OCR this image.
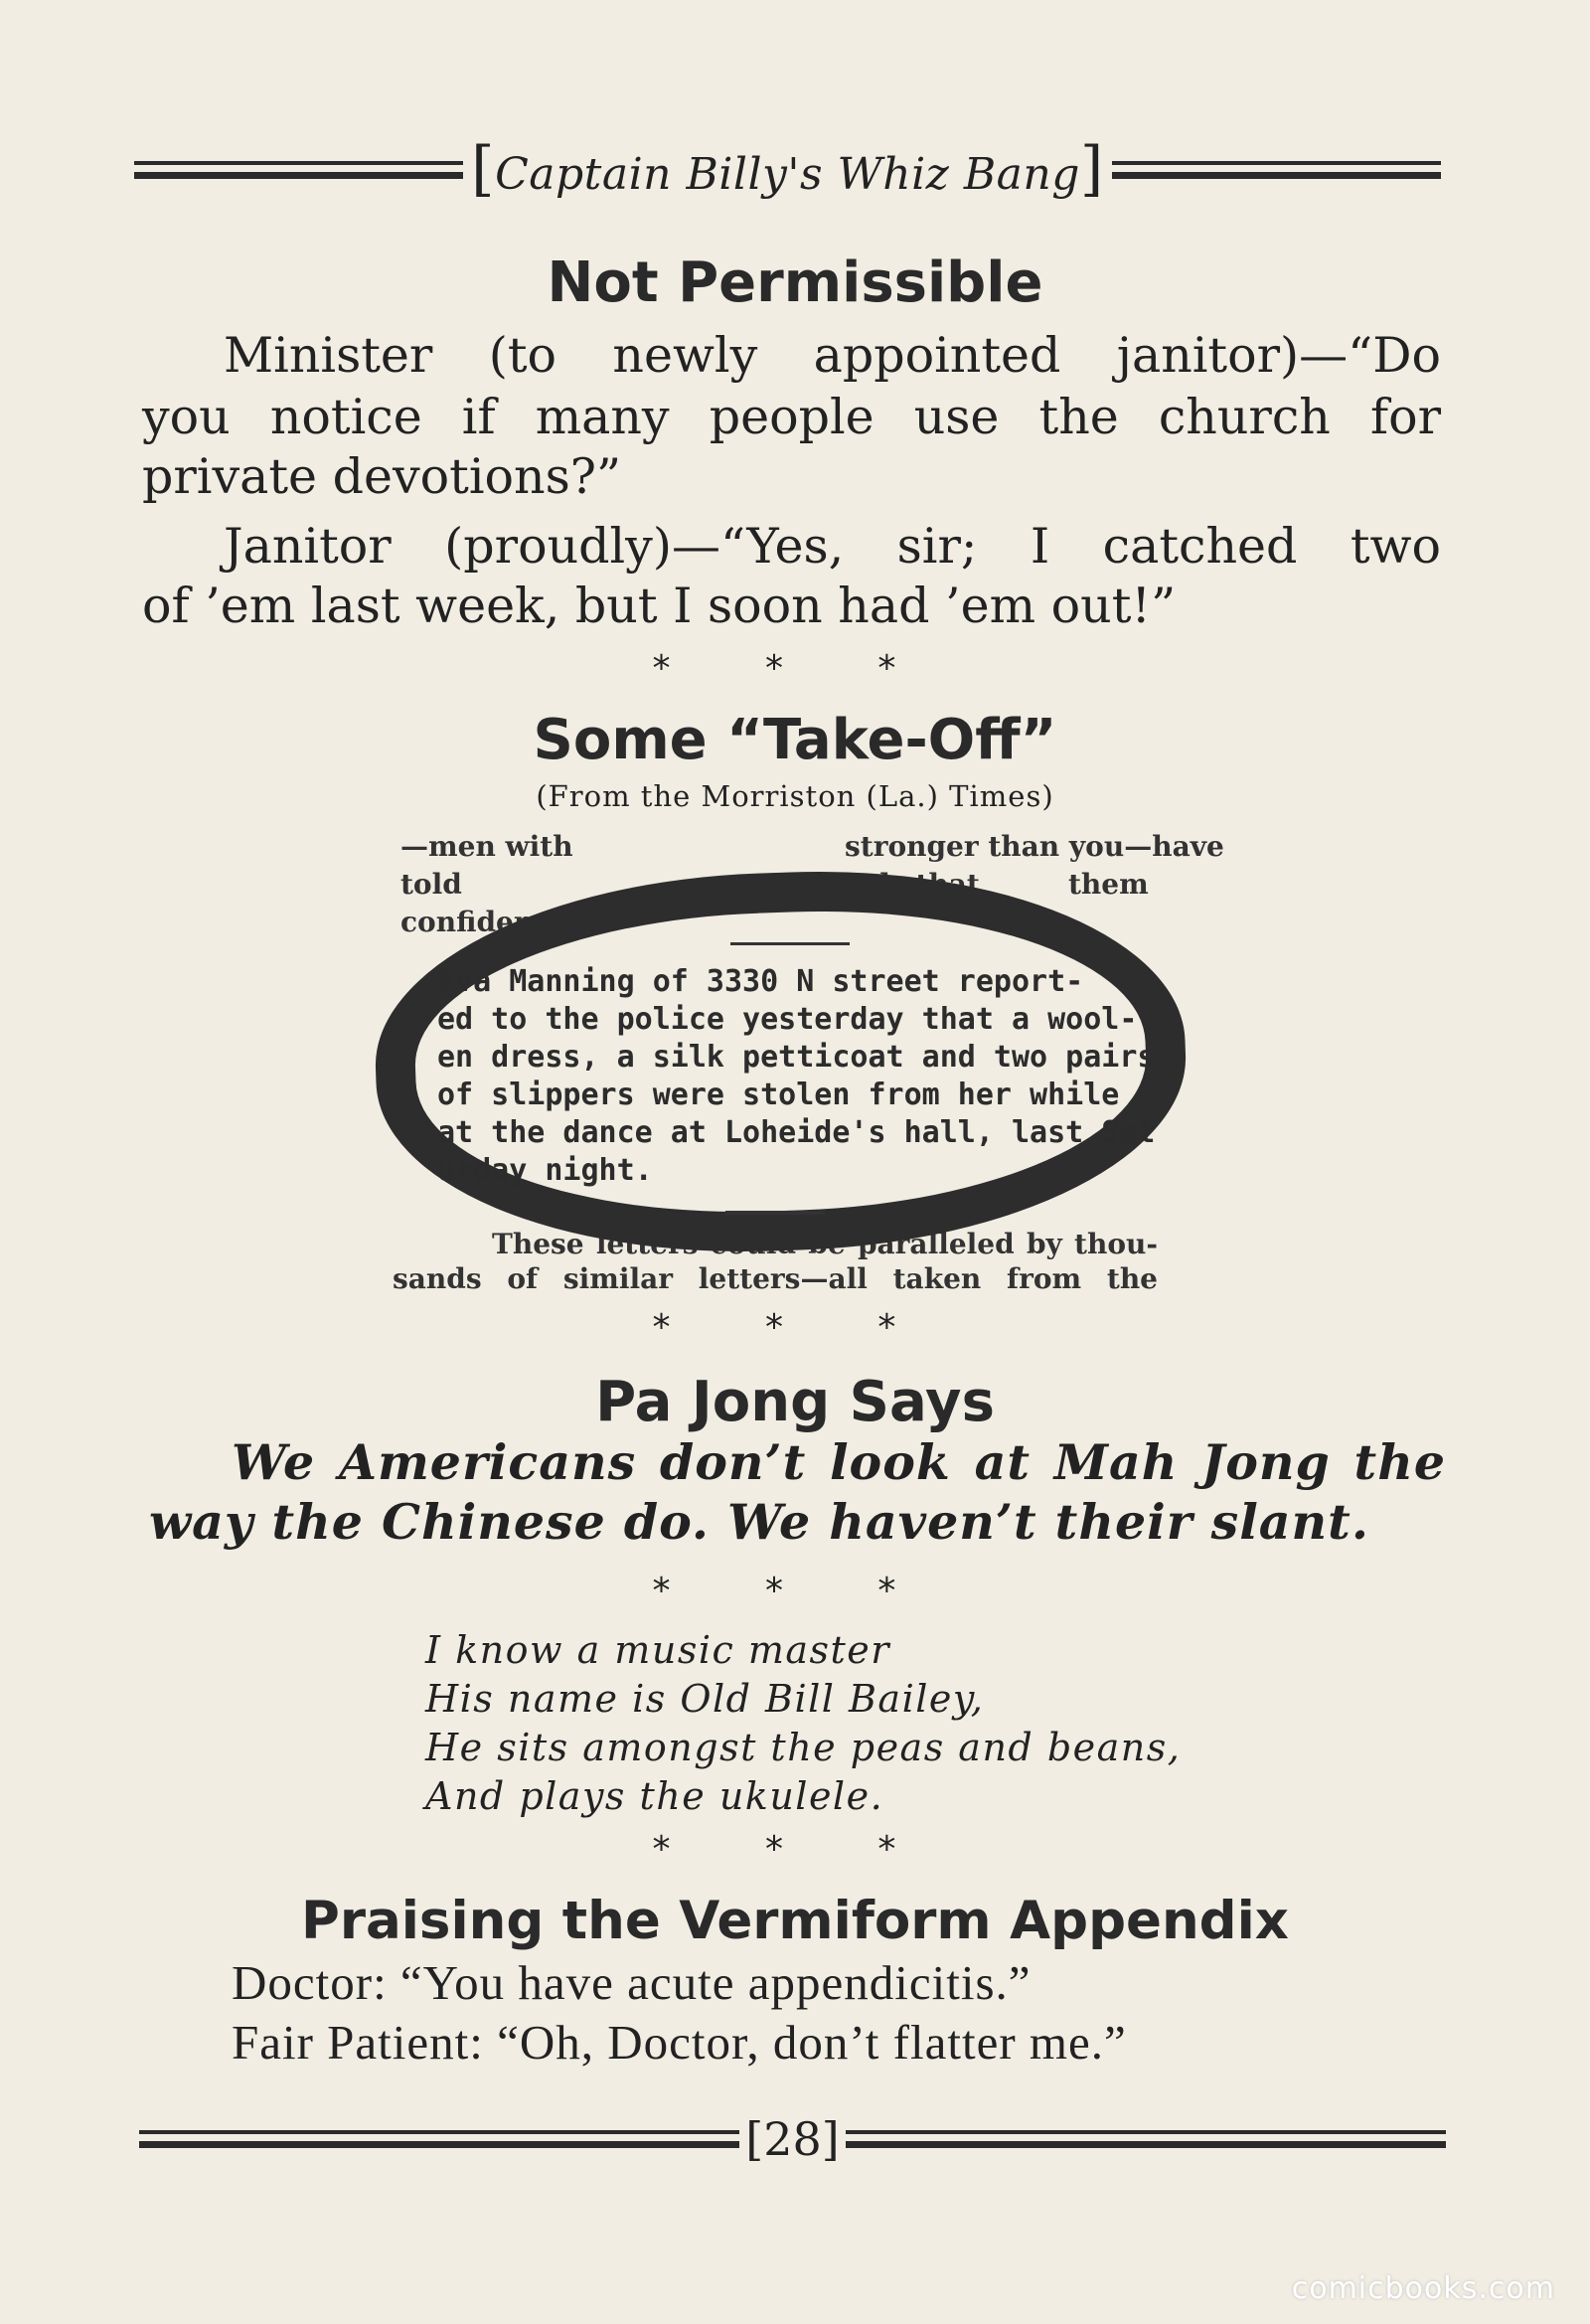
[Captain Billy's Whiz Bang]
Not Permissible

Minister (to newly appointed janitor)—“Do

you notice if many people use the church for

private devotions?”

Janitor (proudly)—“Yes, sir; I catched two

of ’em last week, but I soon had ’em out!”

* * *
Some “Take-Off”
(From the Morriston (La.) Times)
—men with	stronger than you—have
told	tools that	them
confidence.
These letters could be paralleled by thou-
sands of similar letters—all taken from the
Eva Manning of 3330 N street report-
ed to the police yesterday that a wool-
en dress, a silk petticoat and two pairs
of slippers were stolen from her while
at the dance at Loheide's hall, last Sat
urday night.
* * *
Pa Jong Says

We Americans don’t look at Mah Jong the

way the Chinese do. We haven’t their slant.

* * *
I know a music master
His name is Old Bill Bailey,
He sits amongst the peas and beans,
And plays the ukulele.
* * *
Praising the Vermiform Appendix
Doctor: “You have acute appendicitis.”
Fair Patient: “Oh, Doctor, don’t flatter me.”
[28]
comicbooks.com
